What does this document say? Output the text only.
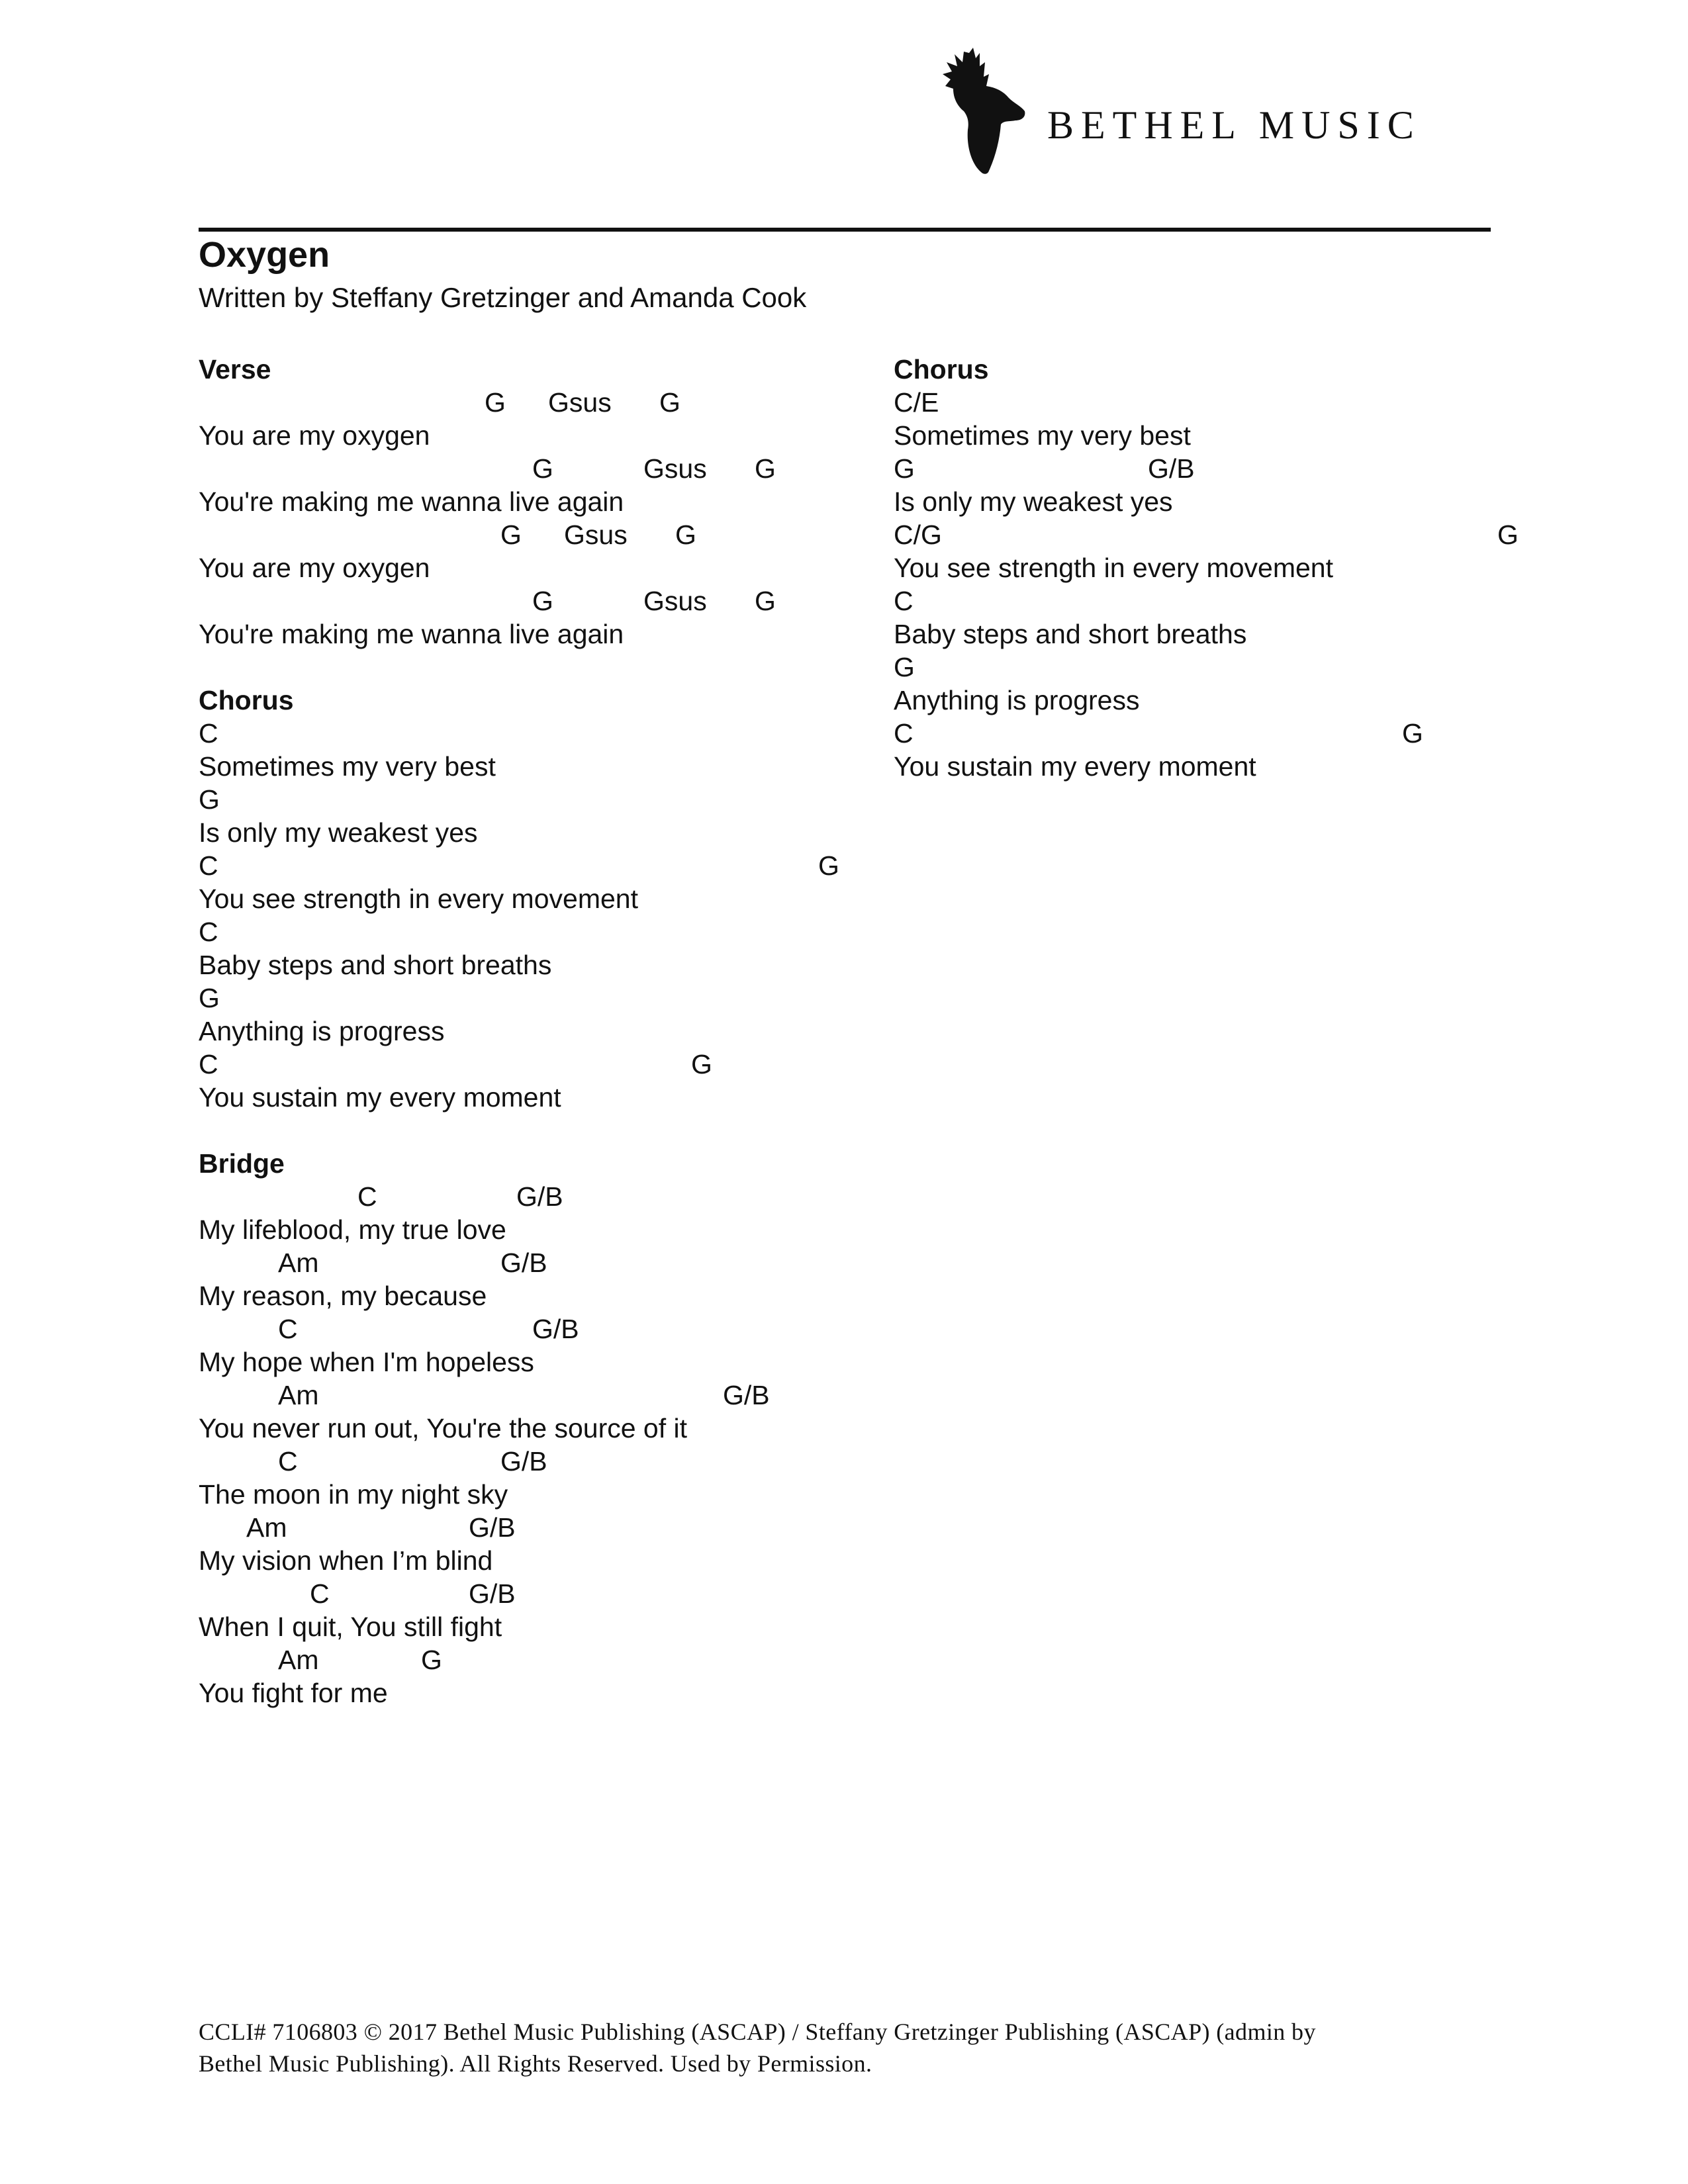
BETHEL MUSIC
Oxygen
Written by Steffany Gretzinger and Amanda Cook
Verse
G Gsus G
You are my oxygen
G	Gsus G
You're making me wanna live again
G Gsus G
You are my oxygen
G	Gsus G
You're making me wanna live again
Chorus
C
Sometimes my very best
G
Is only my weakest yes
C	G
You see strength in every movement
C
Baby steps and short breaths
G
Anything is progress
C	G
You sustain my every moment
Bridge
C	G/B
My lifeblood, my true love
Am	G/B
My reason, my because
C	G/B
My hope when I'm hopeless
Am	G/B
You never run out, You're the source of it
C	G/B
The moon in my night sky
Am	G/B
My vision when I’m blind
C	G/B
When I quit, You still fight
Am	G
You fight for me
Chorus
C/E
Sometimes my very best
G	G/B
Is only my weakest yes
C/G	G
You see strength in every movement
C
Baby steps and short breaths
G
Anything is progress
C	G
You sustain my every moment
CCLI# 7106803 © 2017 Bethel Music Publishing (ASCAP) / Steffany Gretzinger Publishing (ASCAP) (admin by
Bethel Music Publishing). All Rights Reserved. Used by Permission.
